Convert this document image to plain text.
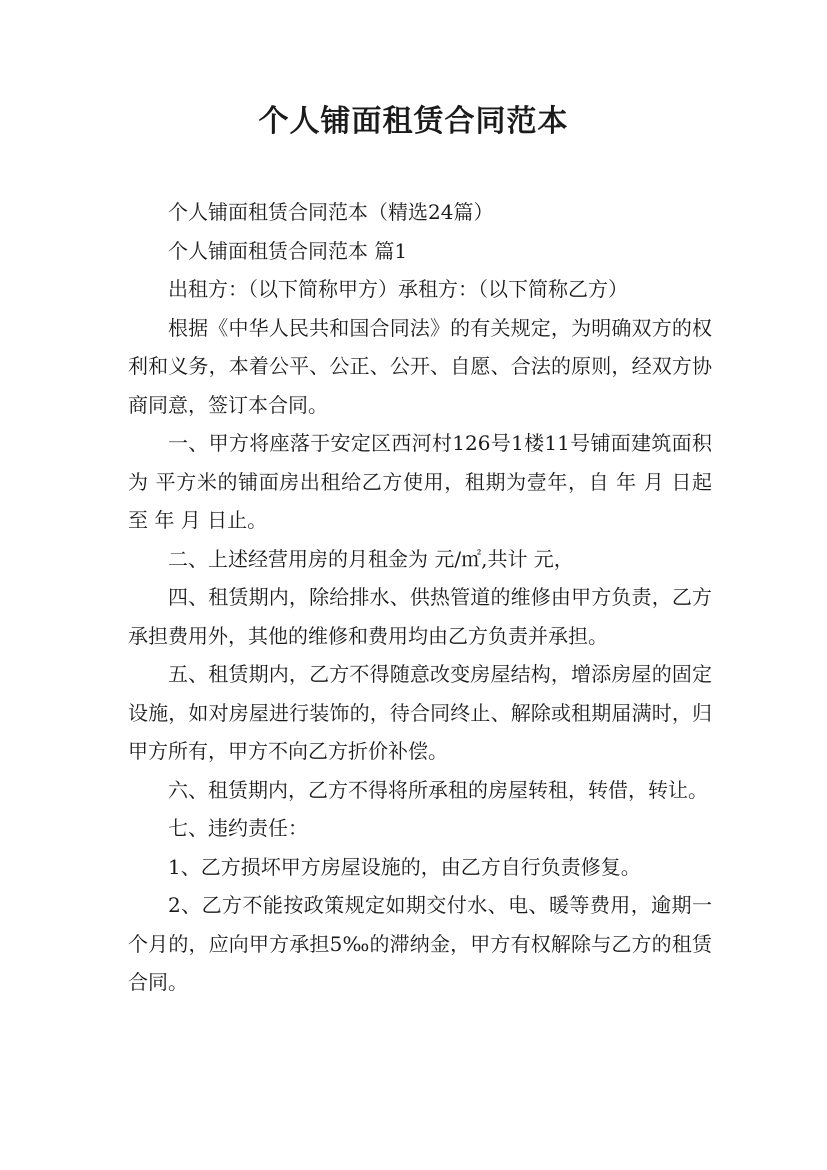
个人铺面租赁合同范本

个人铺面租赁合同范本（精选24篇）

个人铺面租赁合同范本 篇1

出租方：（以下简称甲方）承租方：（以下简称乙方）

根据《中华人民共和国合同法》的有关规定，为明确双方的权利和义务，本着公平、公正、公开、自愿、合法的原则，经双方协商同意，签订本合同。

一、甲方将座落于安定区西河村126号1楼11号铺面建筑面积为 平方米的铺面房出租给乙方使用，租期为壹年，自 年 月 日起至 年 月 日止。

二、上述经营用房的月租金为 元/㎡,共计 元，

四、租赁期内，除给排水、供热管道的维修由甲方负责，乙方承担费用外，其他的维修和费用均由乙方负责并承担。

五、租赁期内，乙方不得随意改变房屋结构，增添房屋的固定设施，如对房屋进行装饰的，待合同终止、解除或租期届满时，归甲方所有，甲方不向乙方折价补偿。

六、租赁期内，乙方不得将所承租的房屋转租，转借，转让。

七、违约责任：

1、乙方损坏甲方房屋设施的，由乙方自行负责修复。

2、乙方不能按政策规定如期交付水、电、暖等费用，逾期一个月的，应向甲方承担5‰的滞纳金，甲方有权解除与乙方的租赁合同。
